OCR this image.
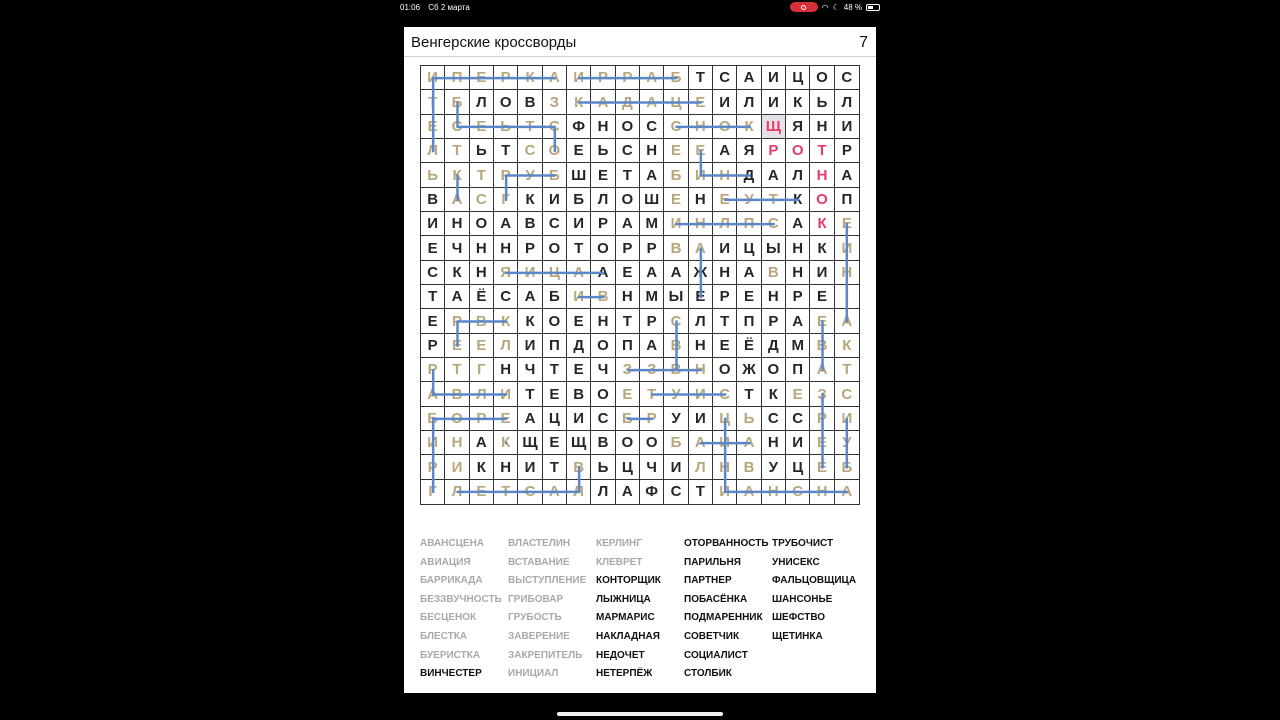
01:06 Сб 2 марта	◠ ☾ 48 %
Венгерские кроссворды	7
И П Е Р К А И Р Р А Б Т С А И Ц О С
Т Б Л О В З	К А Д А Ц Е И Л И К Ь Л
Е С Е Ь Т С Ф Н О С С Н О К Щ Я Н И
Л Т Ь Т С О Е Ь С Н Е Е А Я Р О Т	Р
Ь К	Т Р У Б Ш Е Т А Б И Н Д А Л Н А
В А С Г	К И Б Л О Ш Е Н Е У	Т	К О П
И Н О А В С И Р А М И Н Л П С А К	Е
Е Ч Н Н Р О Т О Р Р В А И Ц Ы Н К И
С К Н Я И Ц А А Е А А Ж Н А В Н И Н
Т А Ё С А Б И В Н М Ы Е Р Е Н Р Е
Е Р В К	К О Е Н Т Р С Л Т П Р А Е А
Р Е Е Л И П Д О П А В Н Е Ё Д М В К
Р Т	Г Н Ч Т Е Ч З З В Н О Ж О П А Т
А В Л И Т Е В О Е Т	У И С Т	К Е З С
Б О Р Е А Ц И С Б Р У И Ц Ь С С Р И
И Н А К Щ Е Щ В О О Б А И А Н И Е	У
Р И К Н И Т В Ь Ц Ч И Л Н В У Ц Е Б
Г Л Е Т С А Л Л А Ф С Т И А Н С Н А
АВАНСЦЕНА
АВИАЦИЯ
БАРРИКАДА
БЕЗЗВУЧНОСТЬ
БЕСЦЕНОК
БЛЕСТКА
БУЕРИСТКА
ВИНЧЕСТЕР
ВЛАСТЕЛИН
ВСТАВАНИЕ
ВЫСТУПЛЕНИЕ
ГРИБОВАР
ГРУБОСТЬ
ЗАВЕРЕНИЕ
ЗАКРЕПИТЕЛЬ
ИНИЦИАЛ
КЕРЛИНГ
КЛЕВРЕТ
КОНТОРЩИК
ЛЫЖНИЦА
МАРМАРИС
НАКЛАДНАЯ
НЕДОЧЕТ
НЕТЕРПЁЖ
ОТОРВАННОСТЬ
ПАРИЛЬНЯ
ПАРТНЕР
ПОБАСЁНКА
ПОДМАРЕННИК
СОВЕТЧИК
СОЦИАЛИСТ
СТОЛБИК
ТРУБОЧИСТ
УНИСЕКС
ФАЛЬЦОВЩИЦА
ШАНСОНЬЕ
ШЕФСТВО
ЩЕТИНКА
